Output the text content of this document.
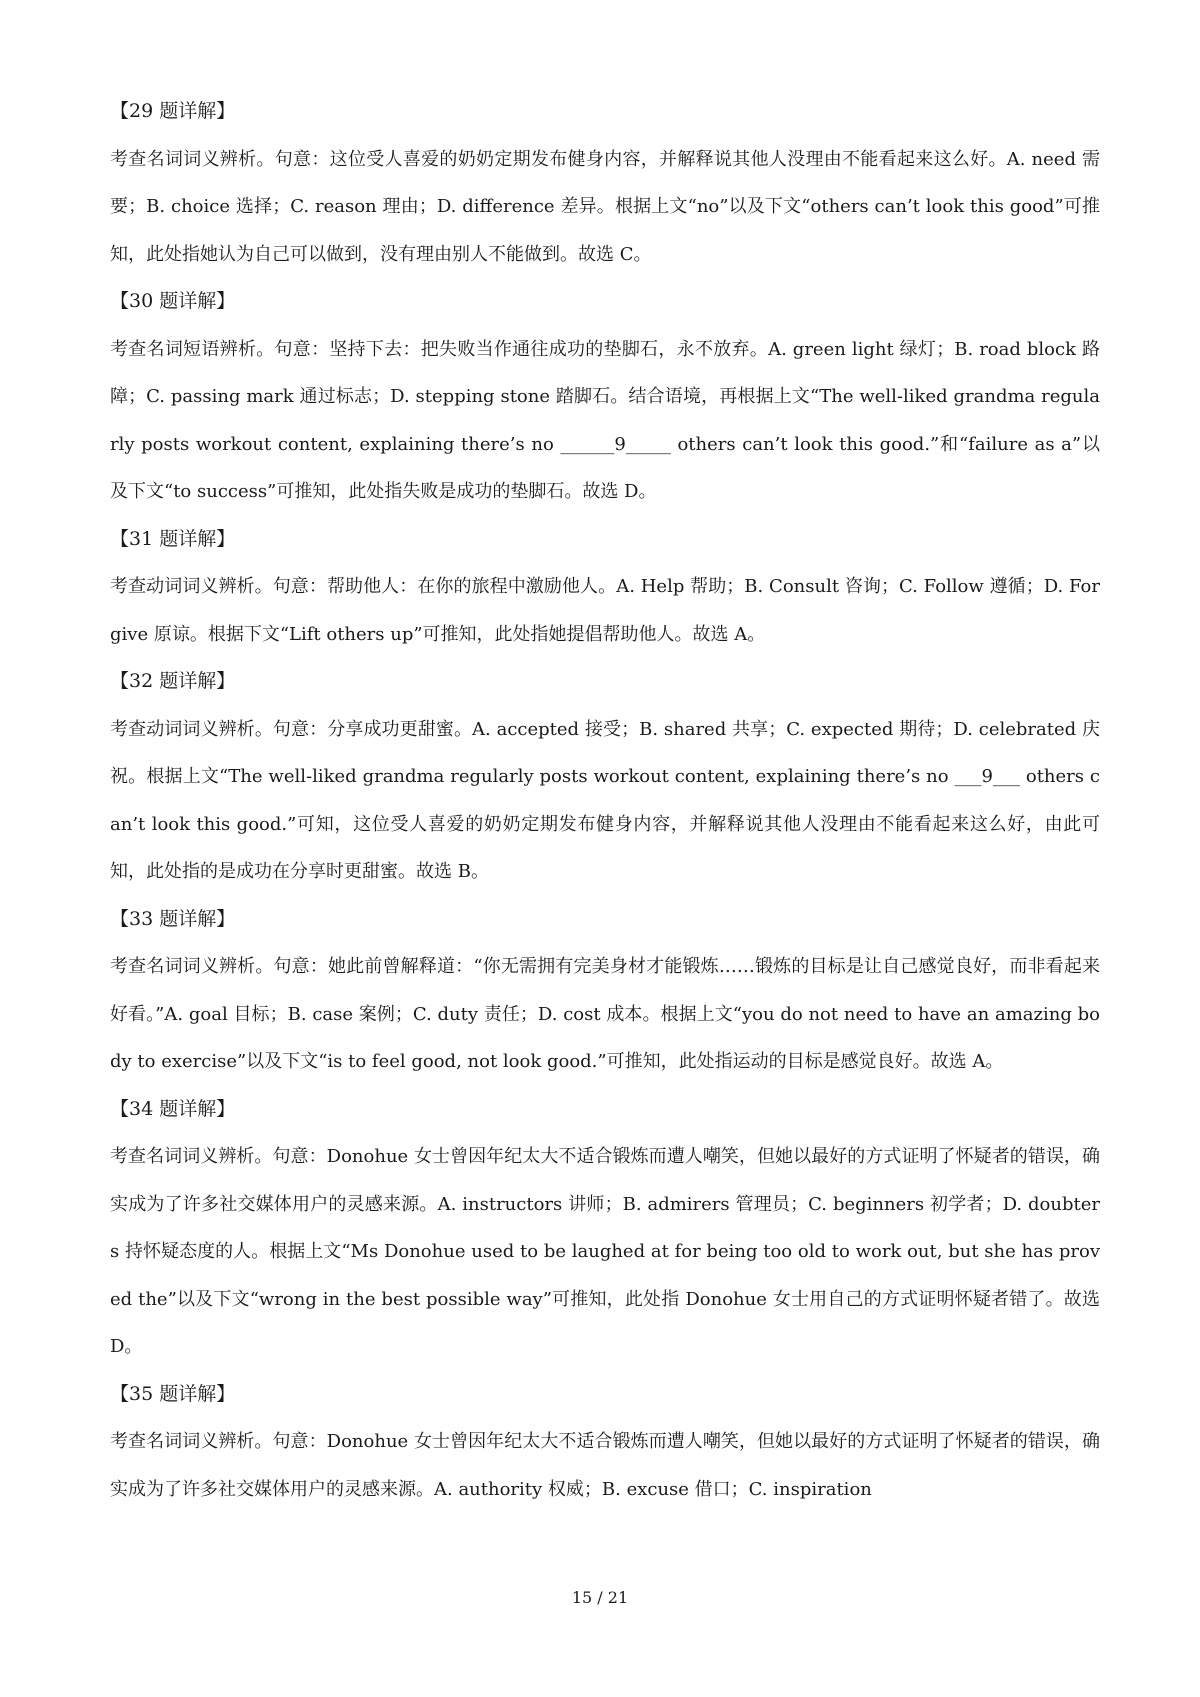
【29 题详解】
考查名词词义辨析。句意：这位受人喜爱的奶奶定期发布健身内容，并解释说其他人没理由不能看起来这么好。A. need 需要；B. choice 选择；C. reason 理由；D. difference 差异。根据上文“no”以及下文“others can’t look this good”可推知，此处指她认为自己可以做到，没有理由别人不能做到。故选 C。
【30 题详解】
考查名词短语辨析。句意：坚持下去：把失败当作通往成功的垫脚石，永不放弃。A. green light 绿灯；B. road block 路障；C. passing mark 通过标志；D. stepping stone 踏脚石。结合语境，再根据上文“The well-liked grandma regularly posts workout content, explaining there’s no ______9_____ others can’t look this good.”和“failure as a”以及下文“to success”可推知，此处指失败是成功的垫脚石。故选 D。
【31 题详解】
考查动词词义辨析。句意：帮助他人：在你的旅程中激励他人。A. Help 帮助；B. Consult 咨询；C. Follow 遵循；D. Forgive 原谅。根据下文“Lift others up”可推知，此处指她提倡帮助他人。故选 A。
【32 题详解】
考查动词词义辨析。句意：分享成功更甜蜜。A. accepted 接受；B. shared 共享；C. expected 期待；D. celebrated 庆祝。根据上文“The well-liked grandma regularly posts workout content, explaining there’s no ___9___ others can’t look this good.”可知，这位受人喜爱的奶奶定期发布健身内容，并解释说其他人没理由不能看起来这么好，由此可知，此处指的是成功在分享时更甜蜜。故选 B。
【33 题详解】
考查名词词义辨析。句意：她此前曾解释道：“你无需拥有完美身材才能锻炼……锻炼的目标是让自己感觉良好，而非看起来好看。”A. goal 目标；B. case 案例；C. duty 责任；D. cost 成本。根据上文“you do not need to have an amazing body to exercise”以及下文“is to feel good, not look good.”可推知，此处指运动的目标是感觉良好。故选 A。
【34 题详解】
考查名词词义辨析。句意：Donohue 女士曾因年纪太大不适合锻炼而遭人嘲笑，但她以最好的方式证明了怀疑者的错误，确实成为了许多社交媒体用户的灵感来源。A. instructors 讲师；B. admirers 管理员；C. beginners 初学者；D. doubters 持怀疑态度的人。根据上文“Ms Donohue used to be laughed at for being too old to work out, but she has proved the”以及下文“wrong in the best possible way”可推知，此处指 Donohue 女士用自己的方式证明怀疑者错了。故选 D。
【35 题详解】
考查名词词义辨析。句意：Donohue 女士曾因年纪太大不适合锻炼而遭人嘲笑，但她以最好的方式证明了怀疑者的错误，确实成为了许多社交媒体用户的灵感来源。A. authority 权威；B. excuse 借口；C. inspiration
15 / 21
